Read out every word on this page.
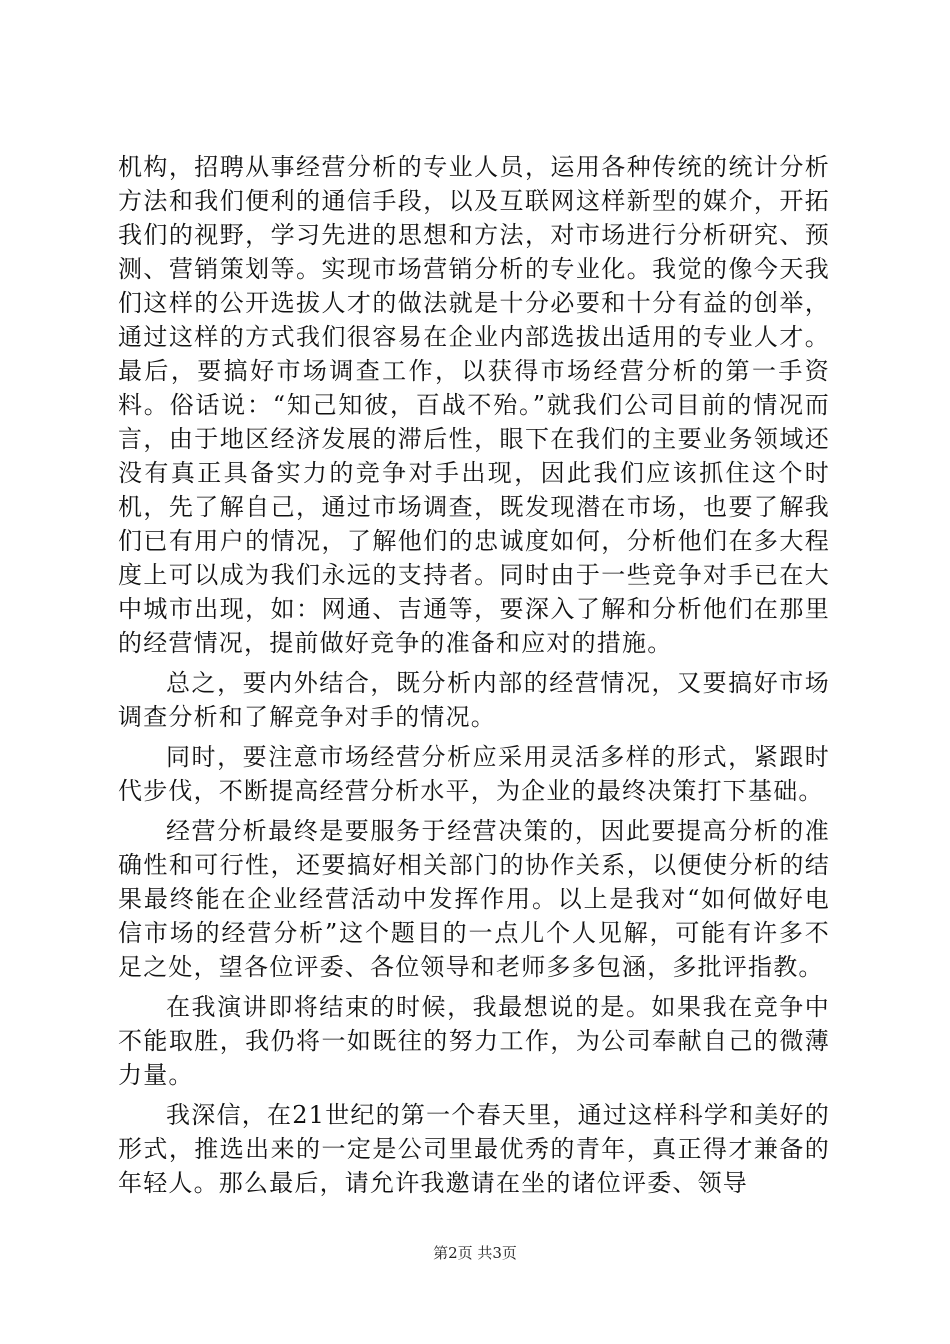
机构，招聘从事经营分析的专业人员，运用各种传统的统计分析方法和我们便利的通信手段，以及互联网这样新型的媒介，开拓我们的视野，学习先进的思想和方法，对市场进行分析研究、预测、营销策划等。实现市场营销分析的专业化。我觉的像今天我们这样的公开选拔人才的做法就是十分必要和十分有益的创举，通过这样的方式我们很容易在企业内部选拔出适用的专业人才。最后，要搞好市场调查工作，以获得市场经营分析的第一手资料。俗话说：“知己知彼，百战不殆。”就我们公司目前的情况而言，由于地区经济发展的滞后性，眼下在我们的主要业务领域还没有真正具备实力的竞争对手出现，因此我们应该抓住这个时机，先了解自己，通过市场调查，既发现潜在市场，也要了解我们已有用户的情况，了解他们的忠诚度如何，分析他们在多大程度上可以成为我们永远的支持者。同时由于一些竞争对手已在大中城市出现，如：网通、吉通等，要深入了解和分析他们在那里的经营情况，提前做好竞争的准备和应对的措施。

总之，要内外结合，既分析内部的经营情况，又要搞好市场调查分析和了解竞争对手的情况。

同时，要注意市场经营分析应采用灵活多样的形式，紧跟时代步伐，不断提高经营分析水平，为企业的最终决策打下基础。

经营分析最终是要服务于经营决策的，因此要提高分析的准确性和可行性，还要搞好相关部门的协作关系，以便使分析的结果最终能在企业经营活动中发挥作用。以上是我对“如何做好电信市场的经营分析”这个题目的一点儿个人见解，可能有许多不足之处，望各位评委、各位领导和老师多多包涵，多批评指教。

在我演讲即将结束的时候，我最想说的是。如果我在竞争中不能取胜，我仍将一如既往的努力工作，为公司奉献自己的微薄力量。

我深信，在21世纪的第一个春天里，通过这样科学和美好的形式，推选出来的一定是公司里最优秀的青年，真正得才兼备的年轻人。那么最后，请允许我邀请在坐的诸位评委、领导

第2页 共3页
